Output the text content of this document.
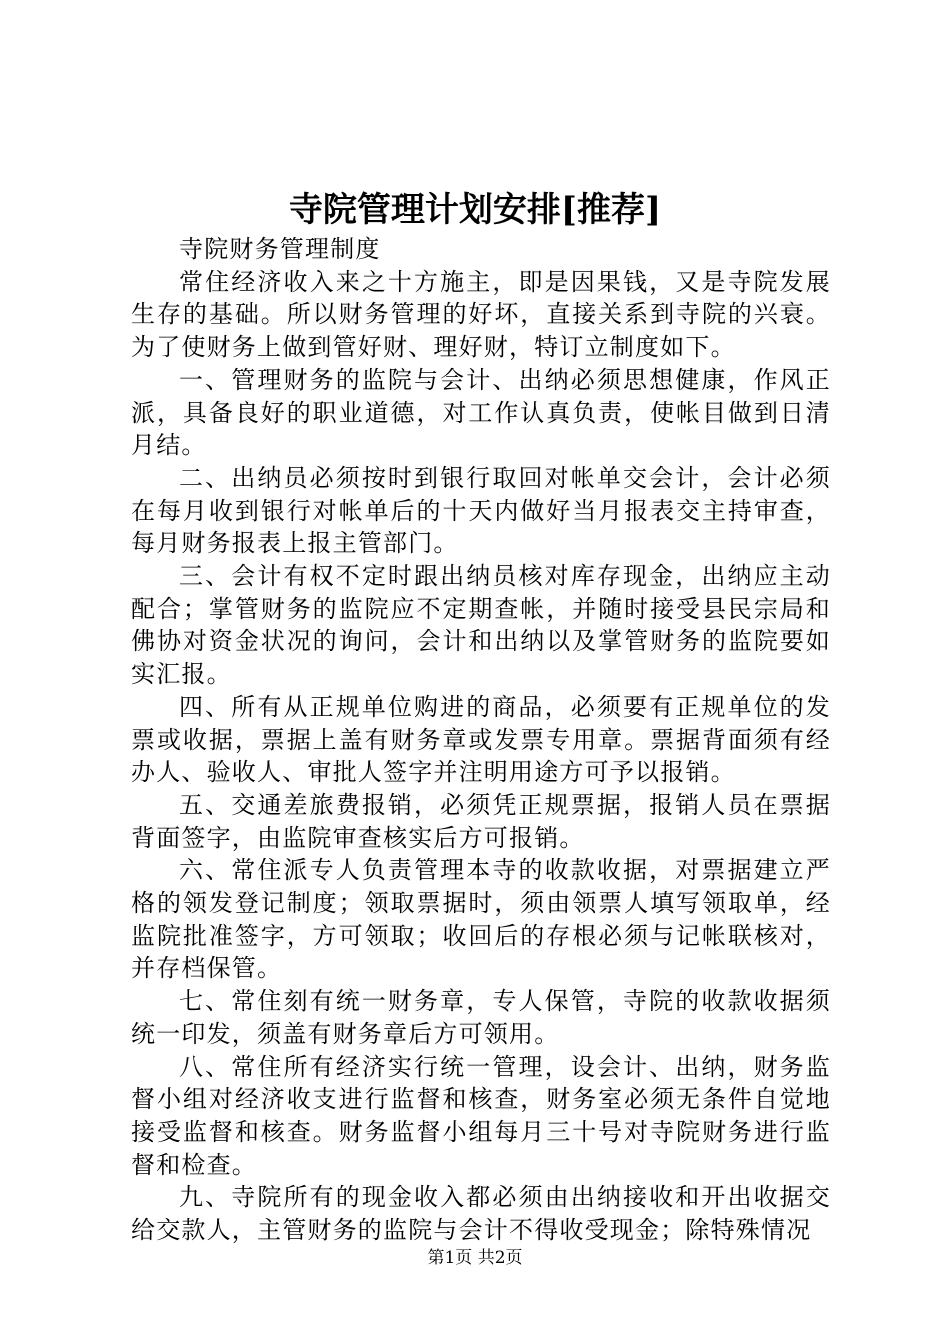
寺院管理计划安排[推荐]

寺院财务管理制度

常住经济收入来之十方施主，即是因果钱，又是寺院发展生存的基础。所以财务管理的好坏，直接关系到寺院的兴衰。为了使财务上做到管好财、理好财，特订立制度如下。

一、管理财务的监院与会计、出纳必须思想健康，作风正派，具备良好的职业道德，对工作认真负责，使帐目做到日清月结。

二、出纳员必须按时到银行取回对帐单交会计，会计必须在每月收到银行对帐单后的十天内做好当月报表交主持审查，每月财务报表上报主管部门。

三、会计有权不定时跟出纳员核对库存现金，出纳应主动配合；掌管财务的监院应不定期查帐，并随时接受县民宗局和佛协对资金状况的询问，会计和出纳以及掌管财务的监院要如实汇报。

四、所有从正规单位购进的商品，必须要有正规单位的发票或收据，票据上盖有财务章或发票专用章。票据背面须有经办人、验收人、审批人签字并注明用途方可予以报销。

五、交通差旅费报销，必须凭正规票据，报销人员在票据背面签字，由监院审查核实后方可报销。

六、常住派专人负责管理本寺的收款收据，对票据建立严格的领发登记制度；领取票据时，须由领票人填写领取单，经监院批准签字，方可领取；收回后的存根必须与记帐联核对，并存档保管。

七、常住刻有统一财务章，专人保管，寺院的收款收据须统一印发，须盖有财务章后方可领用。

八、常住所有经济实行统一管理，设会计、出纳，财务监督小组对经济收支进行监督和核查，财务室必须无条件自觉地接受监督和核查。财务监督小组每月三十号对寺院财务进行监督和检查。

九、寺院所有的现金收入都必须由出纳接收和开出收据交给交款人，主管财务的监院与会计不得收受现金；除特殊情况

第1页 共2页
